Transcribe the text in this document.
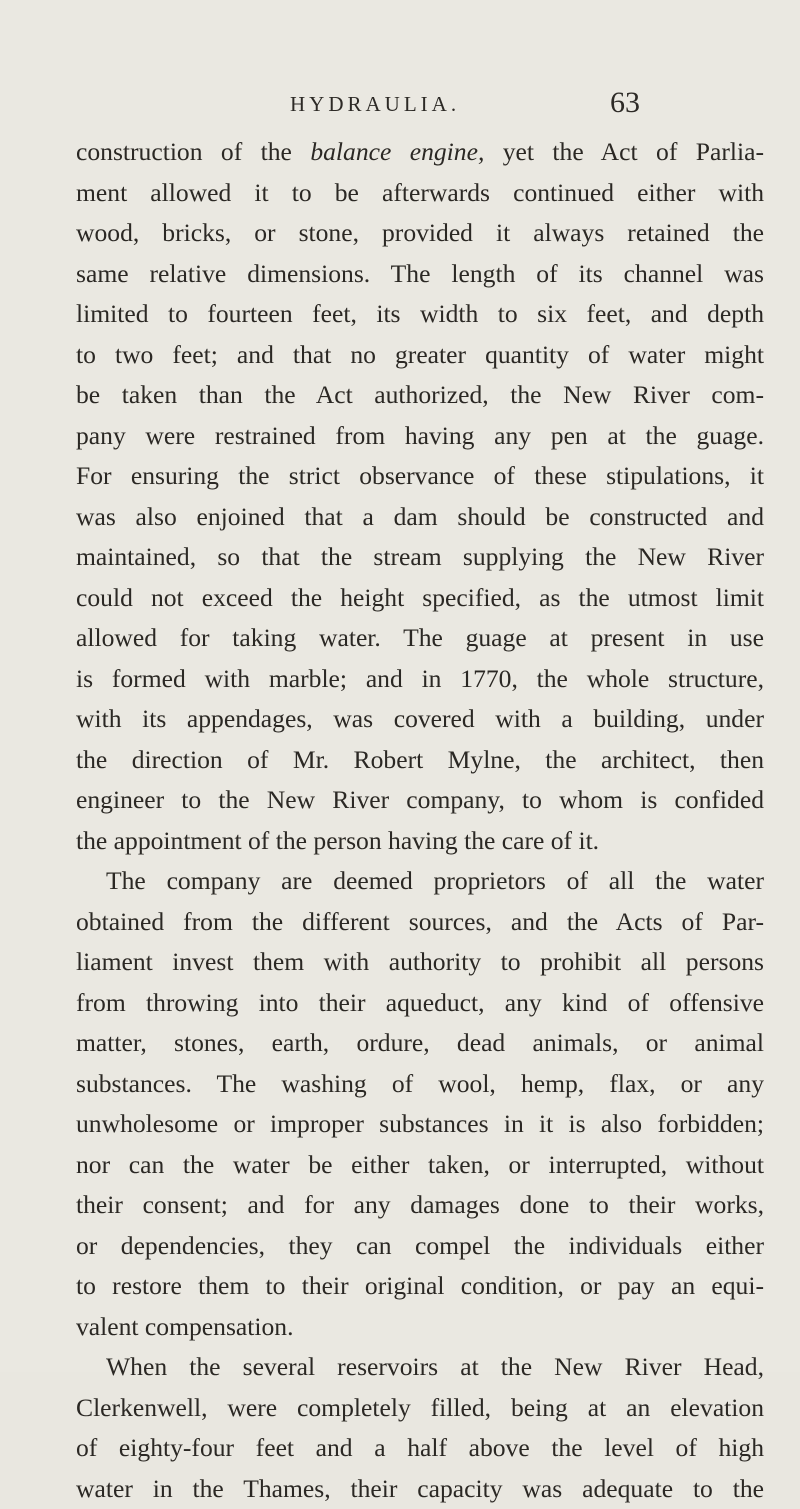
HYDRAULIA.	63
construction of the balance engine, yet the Act of Parlia-
ment allowed it to be afterwards continued either with
wood, bricks, or stone, provided it always retained the
same relative dimensions. The length of its channel was
limited to fourteen feet, its width to six feet, and depth
to two feet; and that no greater quantity of water might
be taken than the Act authorized, the New River com-
pany were restrained from having any pen at the guage.
For ensuring the strict observance of these stipulations, it
was also enjoined that a dam should be constructed and
maintained, so that the stream supplying the New River
could not exceed the height specified, as the utmost limit
allowed for taking water. The guage at present in use
is formed with marble; and in 1770, the whole structure,
with its appendages, was covered with a building, under
the direction of Mr. Robert Mylne, the architect, then
engineer to the New River company, to whom is confided
the appointment of the person having the care of it.
The company are deemed proprietors of all the water
obtained from the different sources, and the Acts of Par-
liament invest them with authority to prohibit all persons
from throwing into their aqueduct, any kind of offensive
matter, stones, earth, ordure, dead animals, or animal
substances. The washing of wool, hemp, flax, or any
unwholesome or improper substances in it is also forbidden;
nor can the water be either taken, or interrupted, without
their consent; and for any damages done to their works,
or dependencies, they can compel the individuals either
to restore them to their original condition, or pay an equi-
valent compensation.
When the several reservoirs at the New River Head,
Clerkenwell, were completely filled, being at an elevation
of eighty-four feet and a half above the level of high
water in the Thames, their capacity was adequate to the
